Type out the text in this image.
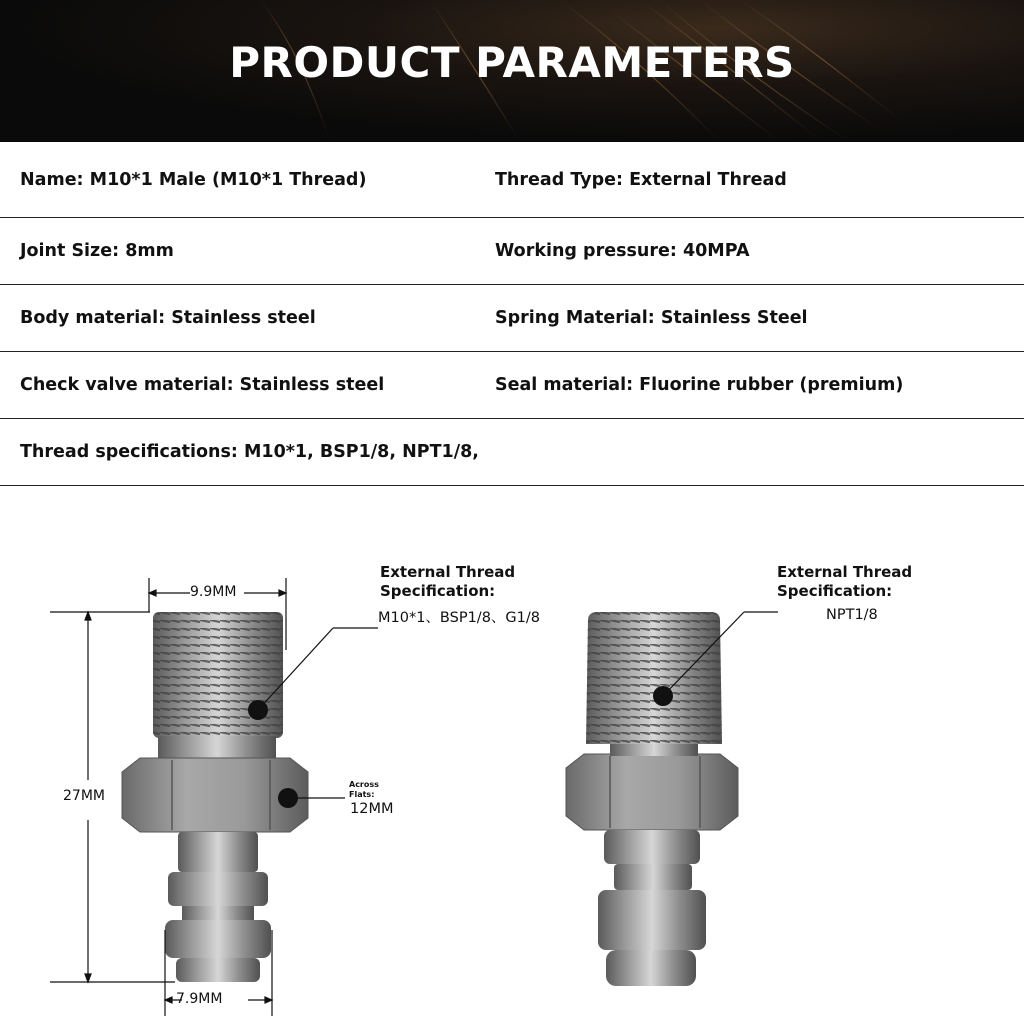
PRODUCT PARAMETERS
Name: M10*1 Male (M10*1 Thread)	Thread Type: External Thread
Joint Size: 8mm	Working pressure: 40MPA
Body material: Stainless steel	Spring Material: Stainless Steel
Check valve material: Stainless steel	Seal material: Fluorine rubber (premium)
Thread specifications: M10*1, BSP1/8, NPT1/8,
9.9MM
27MM
7.9MM
Across
Flats:
12MM
External Thread
Specification:
M10*1、BSP1/8、G1/8
External Thread
Specification:
NPT1/8
